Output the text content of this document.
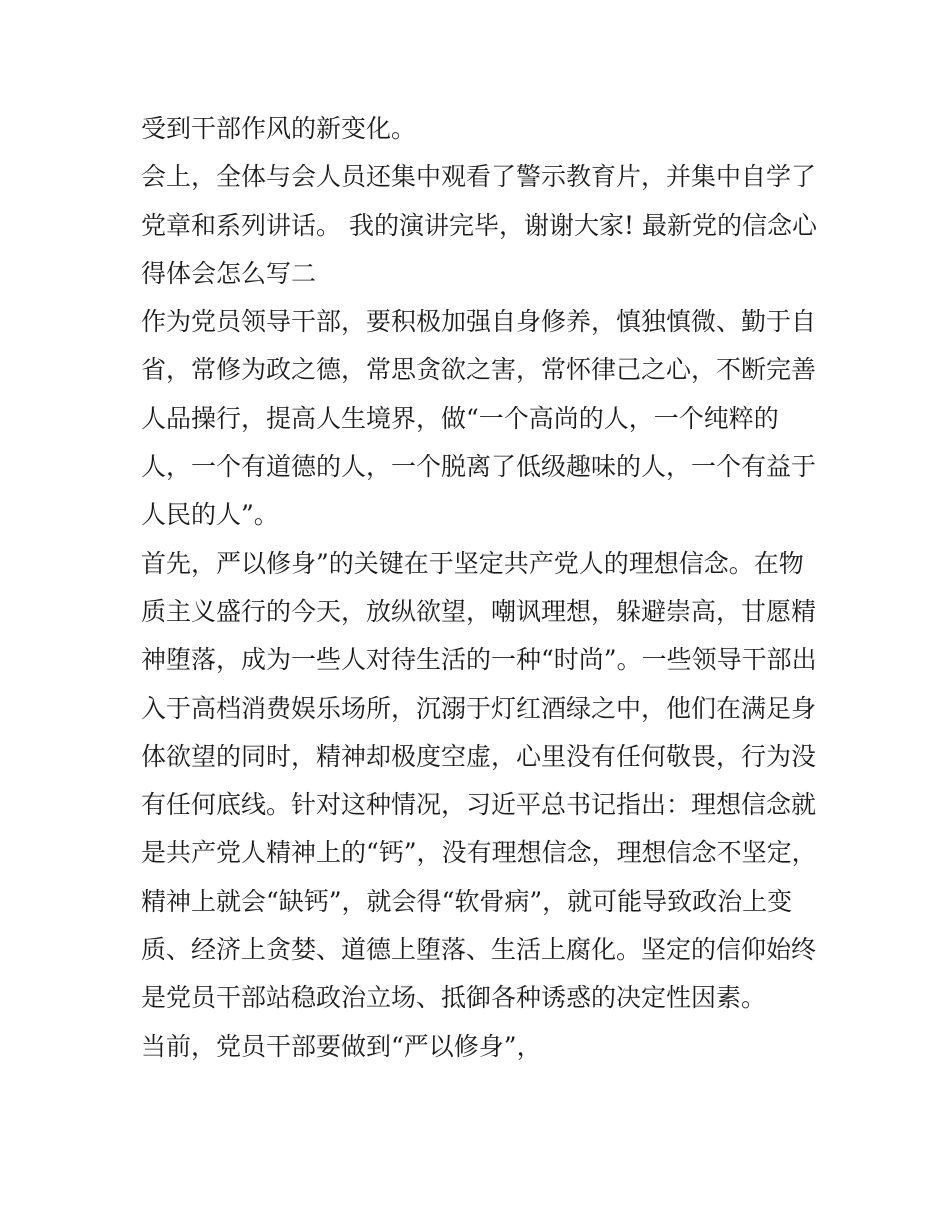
受到干部作风的新变化。
会上，全体与会人员还集中观看了警示教育片，并集中自学了
党章和系列讲话。 我的演讲完毕，谢谢大家! 最新党的信念心
得体会怎么写二
作为党员领导干部，要积极加强自身修养，慎独慎微、勤于自
省，常修为政之德，常思贪欲之害，常怀律己之心，不断完善
人品操行，提高人生境界，做“一个高尚的人，一个纯粹的
人，一个有道德的人，一个脱离了低级趣味的人，一个有益于
人民的人”。
首先，严以修身”的关键在于坚定共产党人的理想信念。在物
质主义盛行的今天，放纵欲望，嘲讽理想，躲避崇高，甘愿精
神堕落，成为一些人对待生活的一种“时尚”。一些领导干部出
入于高档消费娱乐场所，沉溺于灯红酒绿之中，他们在满足身
体欲望的同时，精神却极度空虚，心里没有任何敬畏，行为没
有任何底线。针对这种情况，习近平总书记指出：理想信念就
是共产党人精神上的“钙”，没有理想信念，理想信念不坚定，
精神上就会“缺钙”，就会得“软骨病”，就可能导致政治上变
质、经济上贪婪、道德上堕落、生活上腐化。坚定的信仰始终
是党员干部站稳政治立场、抵御各种诱惑的决定性因素。
当前，党员干部要做到“严以修身”，
